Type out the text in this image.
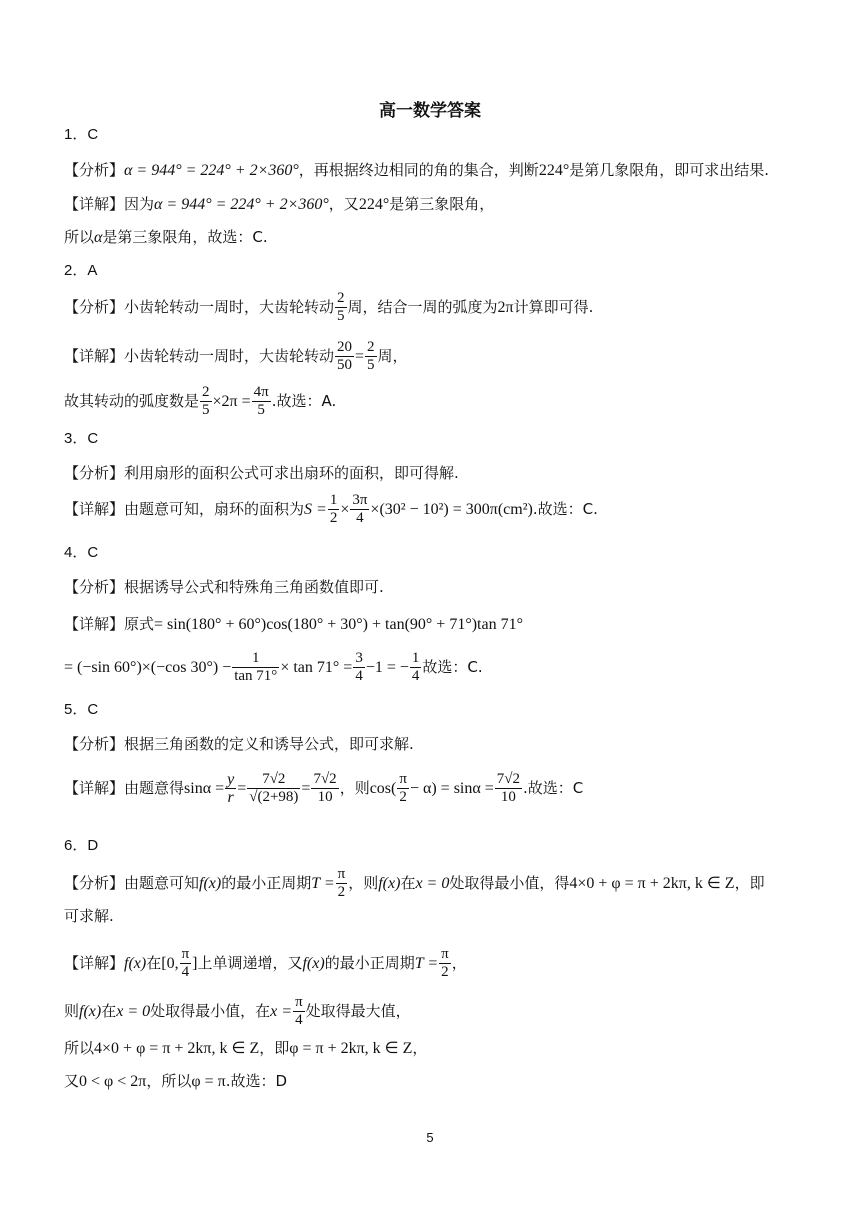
高一数学答案
1．C
【分析】α = 944° = 224° + 2×360°，再根据终边相同的角的集合，判断224°是第几象限角，即可求出结果.
【详解】因为α = 944° = 224° + 2×360°，又224°是第三象限角，
所以α是第三象限角，故选：C.
2．A
【分析】小齿轮转动一周时，大齿轮转动 $\frac{2}{5}$ 周，结合一周的弧度为2π计算即可得.
【详解】小齿轮转动一周时，大齿轮转动 $\frac{20}{50} = \frac{2}{5}$ 周，
故其转动的弧度数是 $\frac{2}{5} \times 2\pi = \frac{4\pi}{5}$ .故选：A.
3．C
【分析】利用扇形的面积公式可求出扇环的面积，即可得解.
【详解】由题意可知，扇环的面积为$S = \frac{1}{2} \times \frac{3\pi}{4} \times(30^2 - 10^2) = 300\pi(cm^2)$.故选：C.
4．C
【分析】根据诱导公式和特殊角三角函数值即可.
【详解】原式= sin(180° + 60°)cos(180° + 30°) + tan(90° + 71°)tan 71°
= (−sin 60°)×(−cos $30^\circ) - \frac{1}{\tan 71^\circ} \times \tan 71^\circ = \frac{3}{4} -1$ = − $\frac{1}{4}$ 故选：C.
5．C
【分析】根据三角函数的定义和诱导公式，即可求解.
【详解】由题意得$\sin\alpha = \frac{y}{r} = \frac{7√2}{√(2+98)} = \frac{7√2}{10}$ ，则$\cos( \frac{\pi}{2} - \alpha) = \sin\alpha = \frac{7√2}{10}$ .故选：C
6．D
【分析】由题意可知f(x)的最小正周期$T = \frac{\pi}{2}$ ，则f(x)在x = 0处取得最小值，得4×0 + φ = π + 2kπ, k ∈ Z，即
可求解.
【详解】f(x)在[0, $\frac{\pi}{4}$ ]上单调递增，又f(x)的最小正周期$T = \frac{\pi}{2}$ ，
则f(x)在x = 0处取得最小值，在$x = \frac{\pi}{4}$ 处取得最大值，
所以4×0 + φ = π + 2kπ, k ∈ Z，即φ = π + 2kπ, k ∈ Z，
又0 < φ < 2π，所以φ = π.故选：D
5
